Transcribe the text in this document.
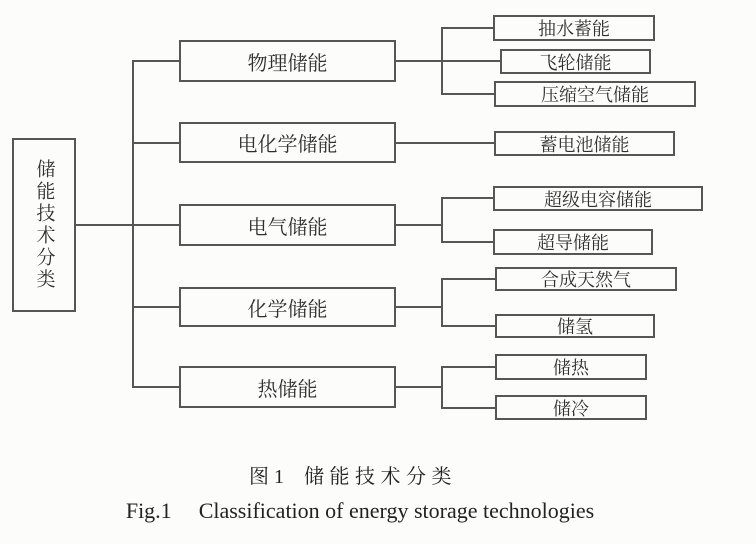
储能技术分类
物理储能
电化学储能
电气储能
化学储能
热储能
抽水蓄能
飞轮储能
压缩空气储能
蓄电池储能
超级电容储能
超导储能
合成天然气
储氢
储热
储冷
图 1 储能技术分类
Fig.1 Classification of energy storage technologies
